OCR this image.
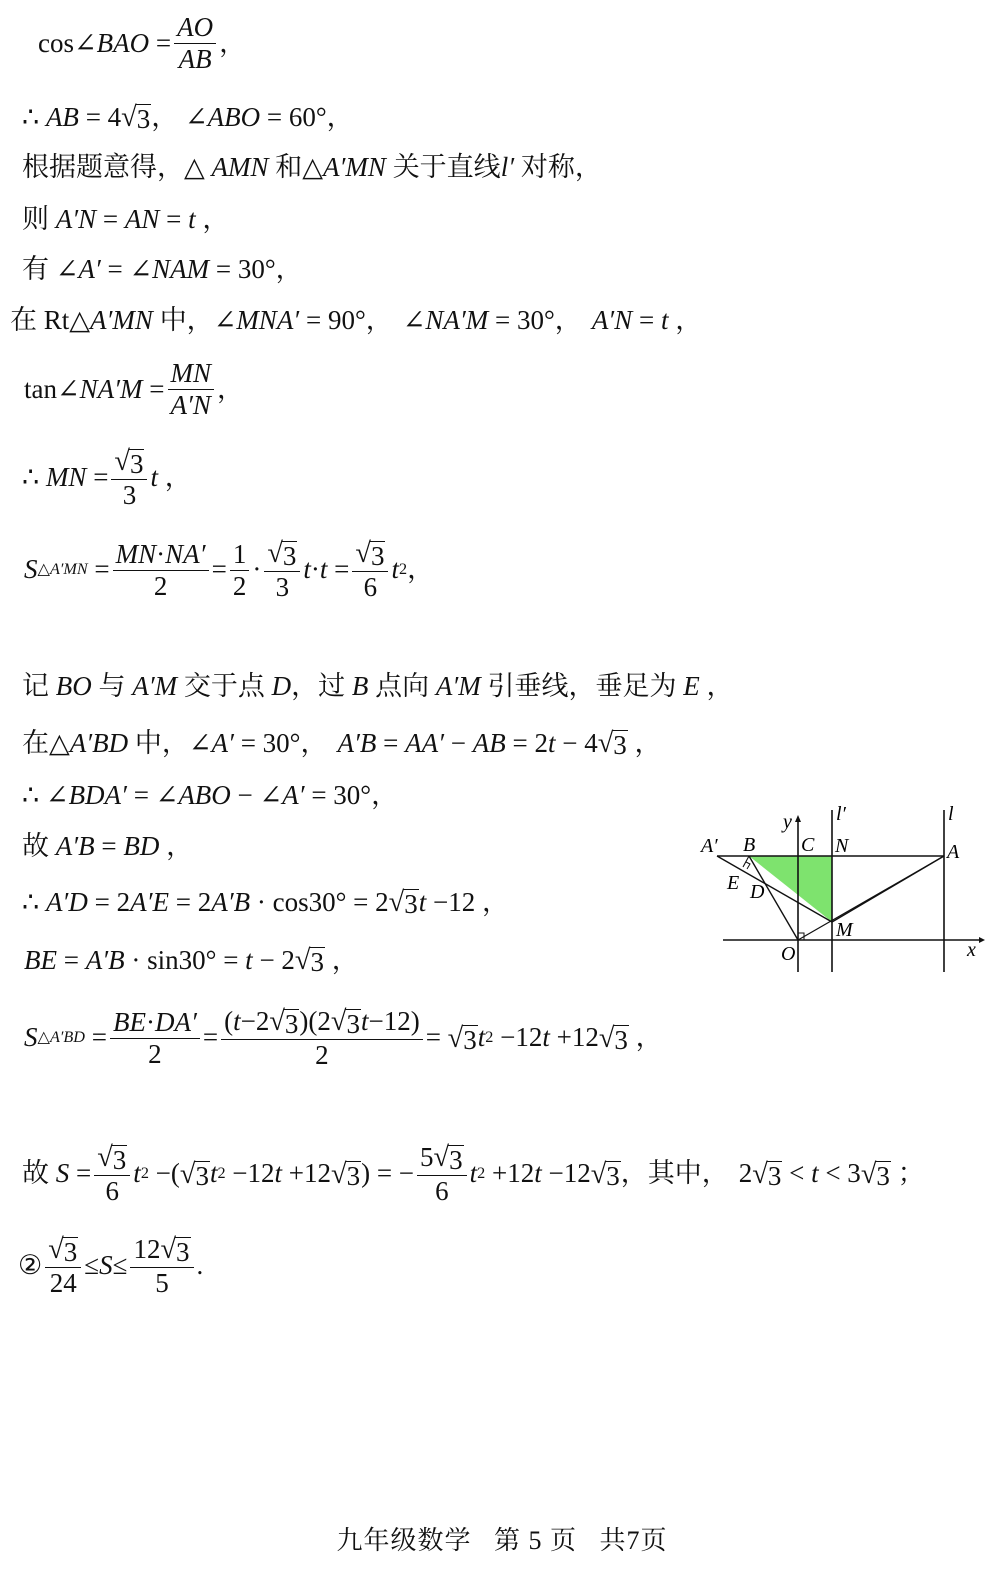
cos∠ BAO = $\frac{AO}{AB}$ ，
∴
AB = 4 √ 3 ， ∠ ABO = 60°，
根据题意得，△
AMN
和△ A′MN
关于直线 l′
对称，
则
A′N = AN = t ，
有 ∠ A′ = ∠ NAM = 30°，
在 Rt△ A′MN
中， ∠ MNA′ = 90°， ∠ NA′M = 30°， A′N = t ，
tan∠ $NA'M = \frac{MN}{A'N}$ ，
∴ MN = $\frac{√ 3}{3}$ t ，
S △A′MN = $\frac{MN\cdot NA'}{2} = \frac{1}{2} \cdot \frac{√ 3}{3}$ $t \cdot t = \frac{√ 3}{6}$ t 2 ，
记
BO
与
A′M
交于点
D ，过
B
点向
A′M
引垂线，垂足为
E ，
在△ A′BD
中， ∠ A′ = 30°， A′B = AA′ − AB = 2 t − 4 √ 3 ，
∴ ∠ BDA′ = ∠ ABO − ∠ A′ = 30°，
故
A′B = BD ，
∴ A′D = 2 A′E = 2 A′B · cos30° = 2 √ 3 t −12 ，
BE = A′B · sin30° = t − 2 √ 3 ，
S △A′BD = $\frac{BE\cdot DA'}{2} = \frac{(t-2 √ 3 )(2 √ 3 t-12)}{2}$ = √ 3 t 2 −12 t +12 √ 3 ，
故
$S = \frac{√ 3}{6}$ t 2 −( √ 3 t 2 −12 t +12 √ 3 ) = − $\frac{5 √ 3}{6}$ t 2 +12 t −12 √ 3 ，其中， 2 √ 3 < t < 3 √ 3 ；
② $\frac{√ 3}{24} \le S \le \frac{12 √ 3}{5}$ .
y l′	l
A′ B C N	A
E D
M
O	x
九年级数学 第 5 页 共7页
